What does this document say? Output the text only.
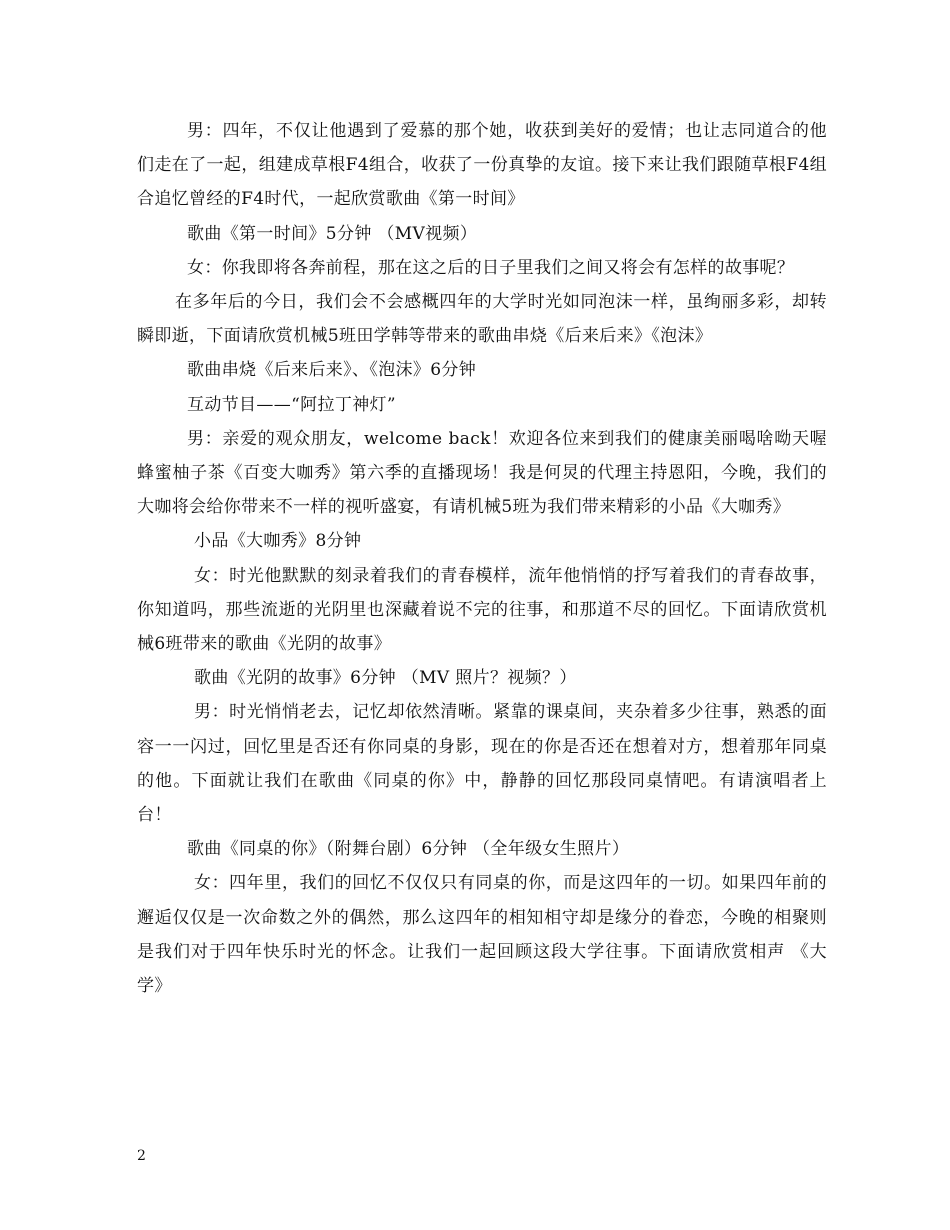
男：四年，不仅让他遇到了爱慕的那个她，收获到美好的爱情；也让志同道合的他们走在了一起，组建成草根F4组合，收获了一份真挚的友谊。接下来让我们跟随草根F4组合追忆曾经的F4时代，一起欣赏歌曲《第一时间》

歌曲《第一时间》5分钟 （MV视频）

女：你我即将各奔前程，那在这之后的日子里我们之间又将会有怎样的故事呢？

在多年后的今日，我们会不会感概四年的大学时光如同泡沫一样，虽绚丽多彩，却转瞬即逝，下面请欣赏机械5班田学韩等带来的歌曲串烧《后来后来》《泡沫》

歌曲串烧《后来后来》、《泡沫》6分钟

互动节目——“阿拉丁神灯”

男：亲爱的观众朋友，welcome back！欢迎各位来到我们的健康美丽喝啥呦天喔蜂蜜柚子茶《百变大咖秀》第六季的直播现场！我是何炅的代理主持恩阳，今晚，我们的大咖将会给你带来不一样的视听盛宴，有请机械5班为我们带来精彩的小品《大咖秀》

小品《大咖秀》8分钟

女：时光他默默的刻录着我们的青春模样，流年他悄悄的抒写着我们的青春故事，你知道吗，那些流逝的光阴里也深藏着说不完的往事，和那道不尽的回忆。下面请欣赏机械6班带来的歌曲《光阴的故事》

歌曲《光阴的故事》6分钟 （MV 照片？视频？）

男：时光悄悄老去，记忆却依然清晰。紧靠的课桌间，夹杂着多少往事，熟悉的面容一一闪过，回忆里是否还有你同桌的身影，现在的你是否还在想着对方，想着那年同桌的他。下面就让我们在歌曲《同桌的你》中，静静的回忆那段同桌情吧。有请演唱者上台！

歌曲《同桌的你》（附舞台剧）6分钟 （全年级女生照片）

女：四年里，我们的回忆不仅仅只有同桌的你，而是这四年的一切。如果四年前的邂逅仅仅是一次命数之外的偶然，那么这四年的相知相守却是缘分的眷恋，今晚的相聚则是我们对于四年快乐时光的怀念。让我们一起回顾这段大学往事。下面请欣赏相声 《大学》

2
